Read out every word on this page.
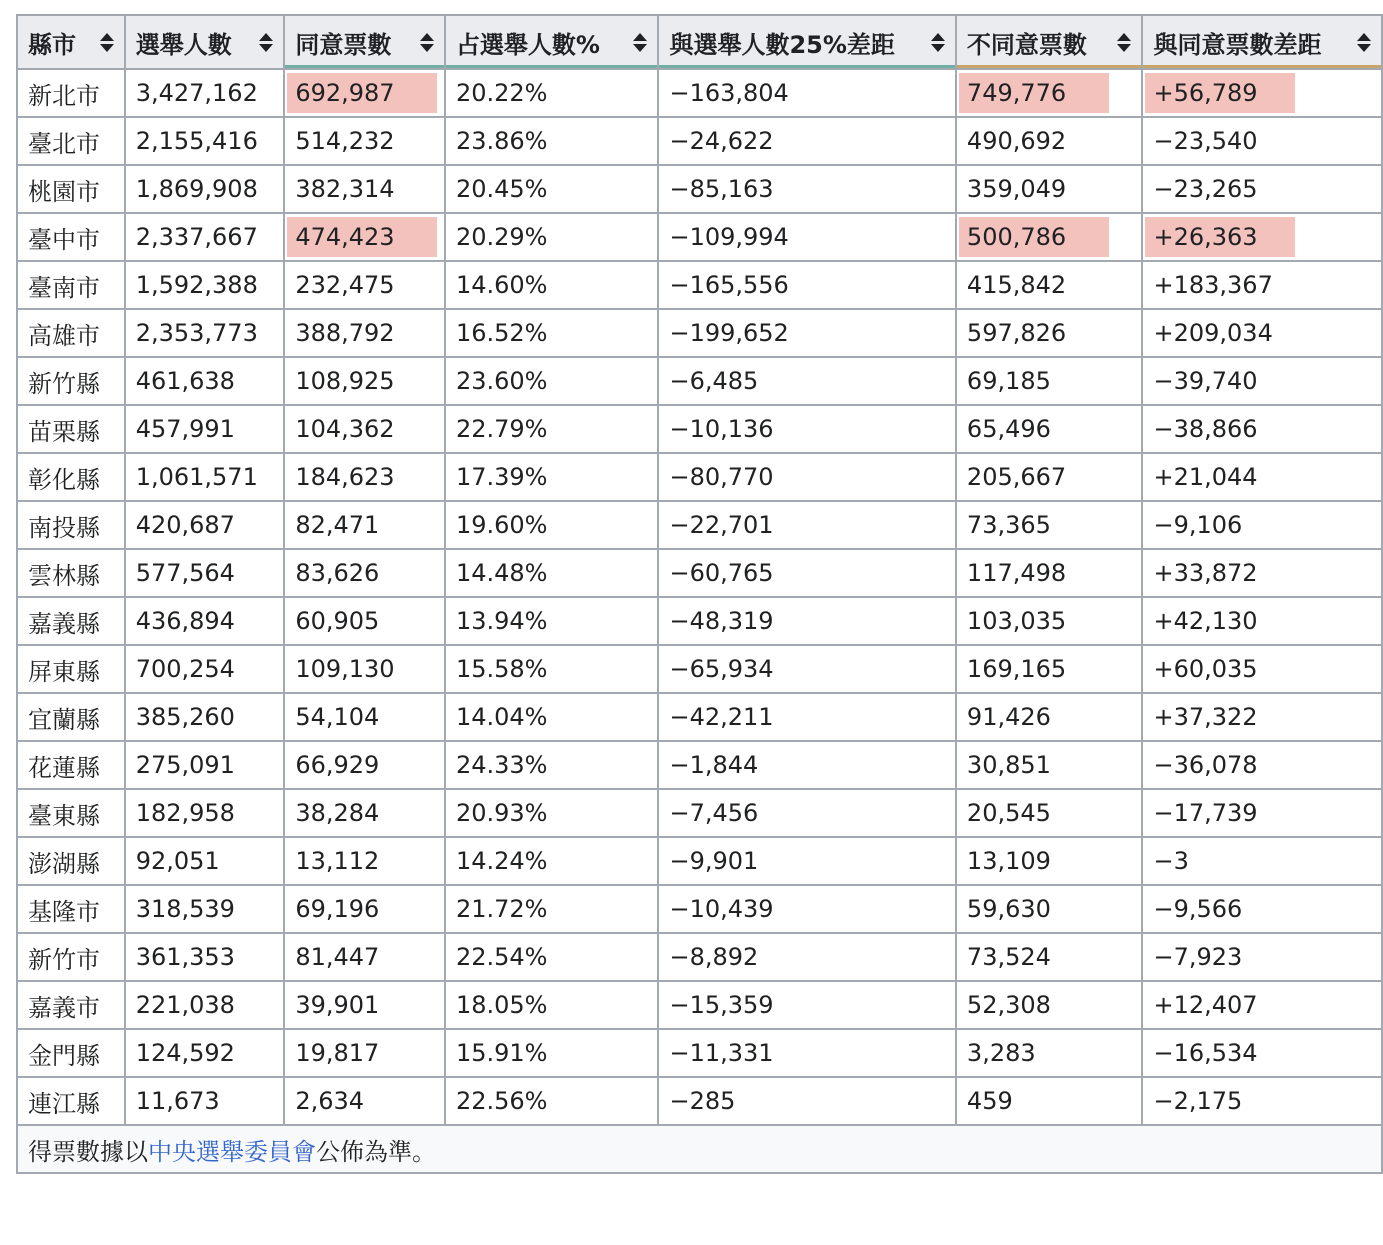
縣市	選舉人數	同意票數	占選舉人數%	與選舉人數25%差距	不同意票數	與同意票數差距

新北市	3,427,162	692,987	20.22%	−163,804	749,776	+56,789
臺北市	2,155,416	514,232	23.86%	−24,622	490,692	−23,540
桃園市	1,869,908	382,314	20.45%	−85,163	359,049	−23,265
臺中市	2,337,667	474,423	20.29%	−109,994	500,786	+26,363
臺南市	1,592,388	232,475	14.60%	−165,556	415,842	+183,367
高雄市	2,353,773	388,792	16.52%	−199,652	597,826	+209,034
新竹縣	461,638	108,925	23.60%	−6,485	69,185	−39,740
苗栗縣	457,991	104,362	22.79%	−10,136	65,496	−38,866
彰化縣	1,061,571	184,623	17.39%	−80,770	205,667	+21,044
南投縣	420,687	82,471	19.60%	−22,701	73,365	−9,106
雲林縣	577,564	83,626	14.48%	−60,765	117,498	+33,872
嘉義縣	436,894	60,905	13.94%	−48,319	103,035	+42,130
屏東縣	700,254	109,130	15.58%	−65,934	169,165	+60,035
宜蘭縣	385,260	54,104	14.04%	−42,211	91,426	+37,322
花蓮縣	275,091	66,929	24.33%	−1,844	30,851	−36,078
臺東縣	182,958	38,284	20.93%	−7,456	20,545	−17,739
澎湖縣	92,051	13,112	14.24%	−9,901	13,109	−3
基隆市	318,539	69,196	21.72%	−10,439	59,630	−9,566
新竹市	361,353	81,447	22.54%	−8,892	73,524	−7,923
嘉義市	221,038	39,901	18.05%	−15,359	52,308	+12,407
金門縣	124,592	19,817	15.91%	−11,331	3,283	−16,534
連江縣	11,673	2,634	22.56%	−285	459	−2,175
得票數據以中央選舉委員會公佈為準。						
